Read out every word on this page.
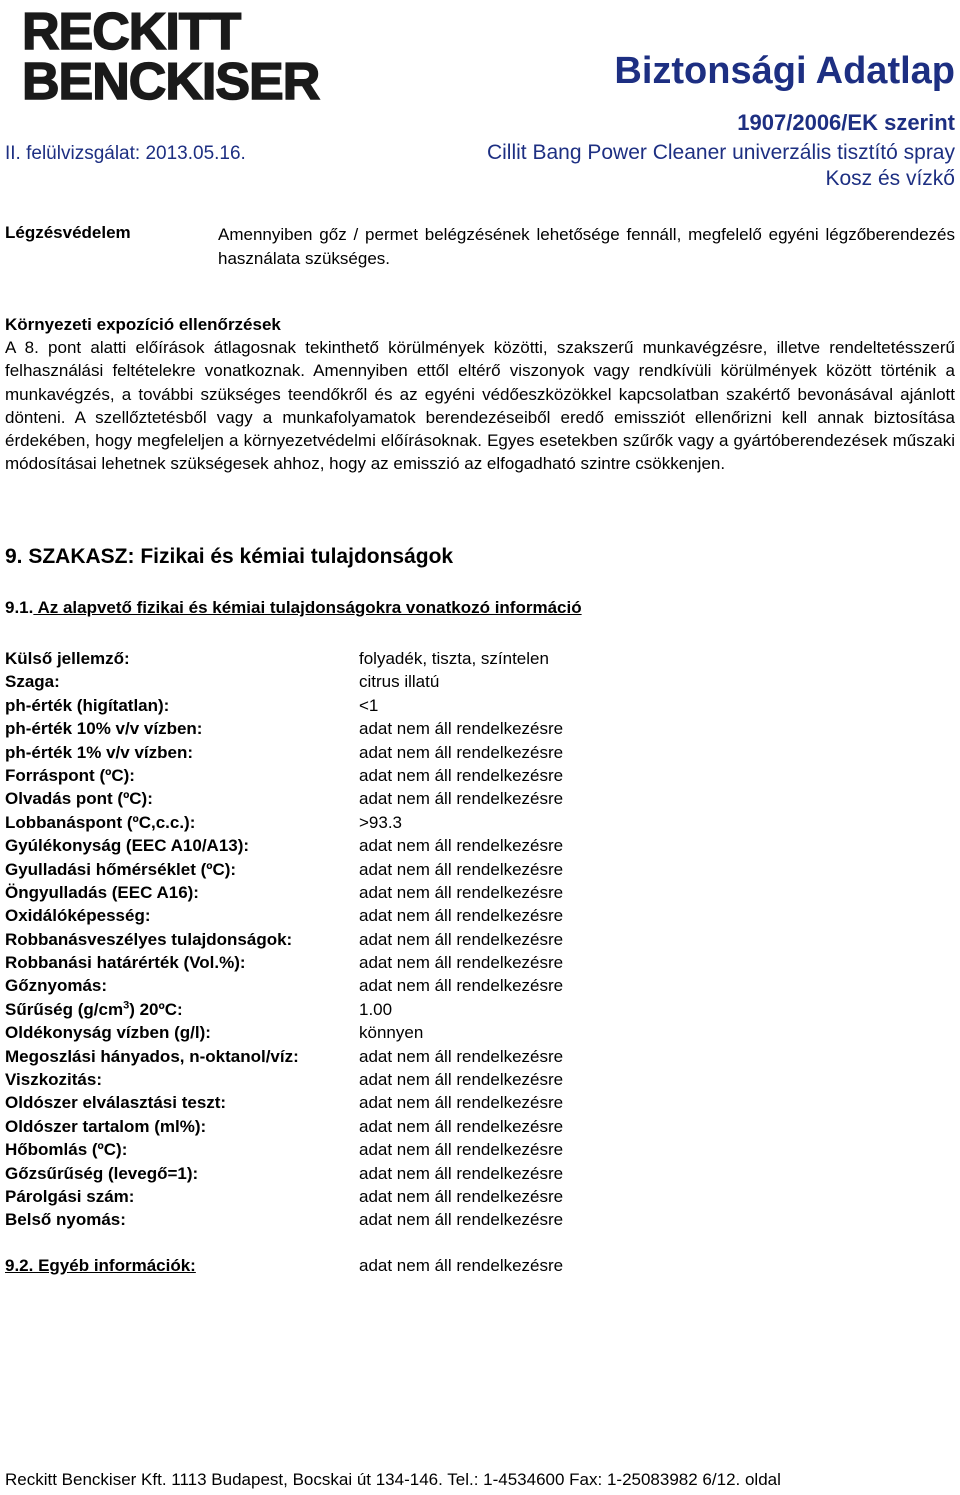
RECKITT
BENCKISER	Biztonsági Adatlap
1907/2006/EK szerint
II. felülvizsgálat: 2013.05.16.	Cillit Bang Power Cleaner univerzális tisztító spray
Kosz és vízkő
Légzésvédelem	Amennyiben gőz / permet belégzésének lehetősége fennáll, megfelelő egyéni légzőberendezés használata szükséges.
Környezeti expozíció ellenőrzések
A 8. pont alatti előírások átlagosnak tekinthető körülmények közötti, szakszerű munkavégzésre, illetve rendeltetésszerű felhasználási feltételekre vonatkoznak. Amennyiben ettől eltérő viszonyok vagy rendkívüli körülmények között történik a munkavégzés, a további szükséges teendőkről és az egyéni védőeszközökkel kapcsolatban szakértő bevonásával ajánlott dönteni. A szellőztetésből vagy a munkafolyamatok berendezéseiből eredő emissziót ellenőrizni kell annak biztosítása érdekében, hogy megfeleljen a környezetvédelmi előírásoknak. Egyes esetekben szűrők vagy a gyártóberendezések műszaki módosításai lehetnek szükségesek ahhoz, hogy az emisszió az elfogadható szintre csökkenjen.
9. SZAKASZ: Fizikai és kémiai tulajdonságok
9.1. Az alapvető fizikai és kémiai tulajdonságokra vonatkozó információ
Külső jellemző:	folyadék, tiszta, színtelen
Szaga:	citrus illatú
ph-érték (higítatlan):	<1
ph-érték 10% v/v vízben:	adat nem áll rendelkezésre
ph-érték 1% v/v vízben:	adat nem áll rendelkezésre
Forráspont (ºC):	adat nem áll rendelkezésre
Olvadás pont (ºC):	adat nem áll rendelkezésre
Lobbanáspont (ºC,c.c.):	>93.3
Gyúlékonyság (EEC A10/A13):	adat nem áll rendelkezésre
Gyulladási hőmérséklet (ºC):	adat nem áll rendelkezésre
Öngyulladás (EEC A16):	adat nem áll rendelkezésre
Oxidálóképesség:	adat nem áll rendelkezésre
Robbanásveszélyes tulajdonságok:	adat nem áll rendelkezésre
Robbanási határérték (Vol.%):	adat nem áll rendelkezésre
Gőznyomás:	adat nem áll rendelkezésre
Sűrűség $(g/cm^3)$ 20ºC:	1.00
Oldékonyság vízben (g/l):	könnyen
Megoszlási hányados, n-oktanol/víz:	adat nem áll rendelkezésre
Viszkozitás:	adat nem áll rendelkezésre
Oldószer elválasztási teszt:	adat nem áll rendelkezésre
Oldószer tartalom (ml%):	adat nem áll rendelkezésre
Hőbomlás (ºC):	adat nem áll rendelkezésre
Gőzsűrűség (levegő=1):	adat nem áll rendelkezésre
Párolgási szám:	adat nem áll rendelkezésre
Belső nyomás:	adat nem áll rendelkezésre
9.2. Egyéb információk:	adat nem áll rendelkezésre
Reckitt Benckiser Kft. 1113 Budapest, Bocskai út 134-146. Tel.: 1-4534600 Fax: 1-25083982 6/12. oldal
